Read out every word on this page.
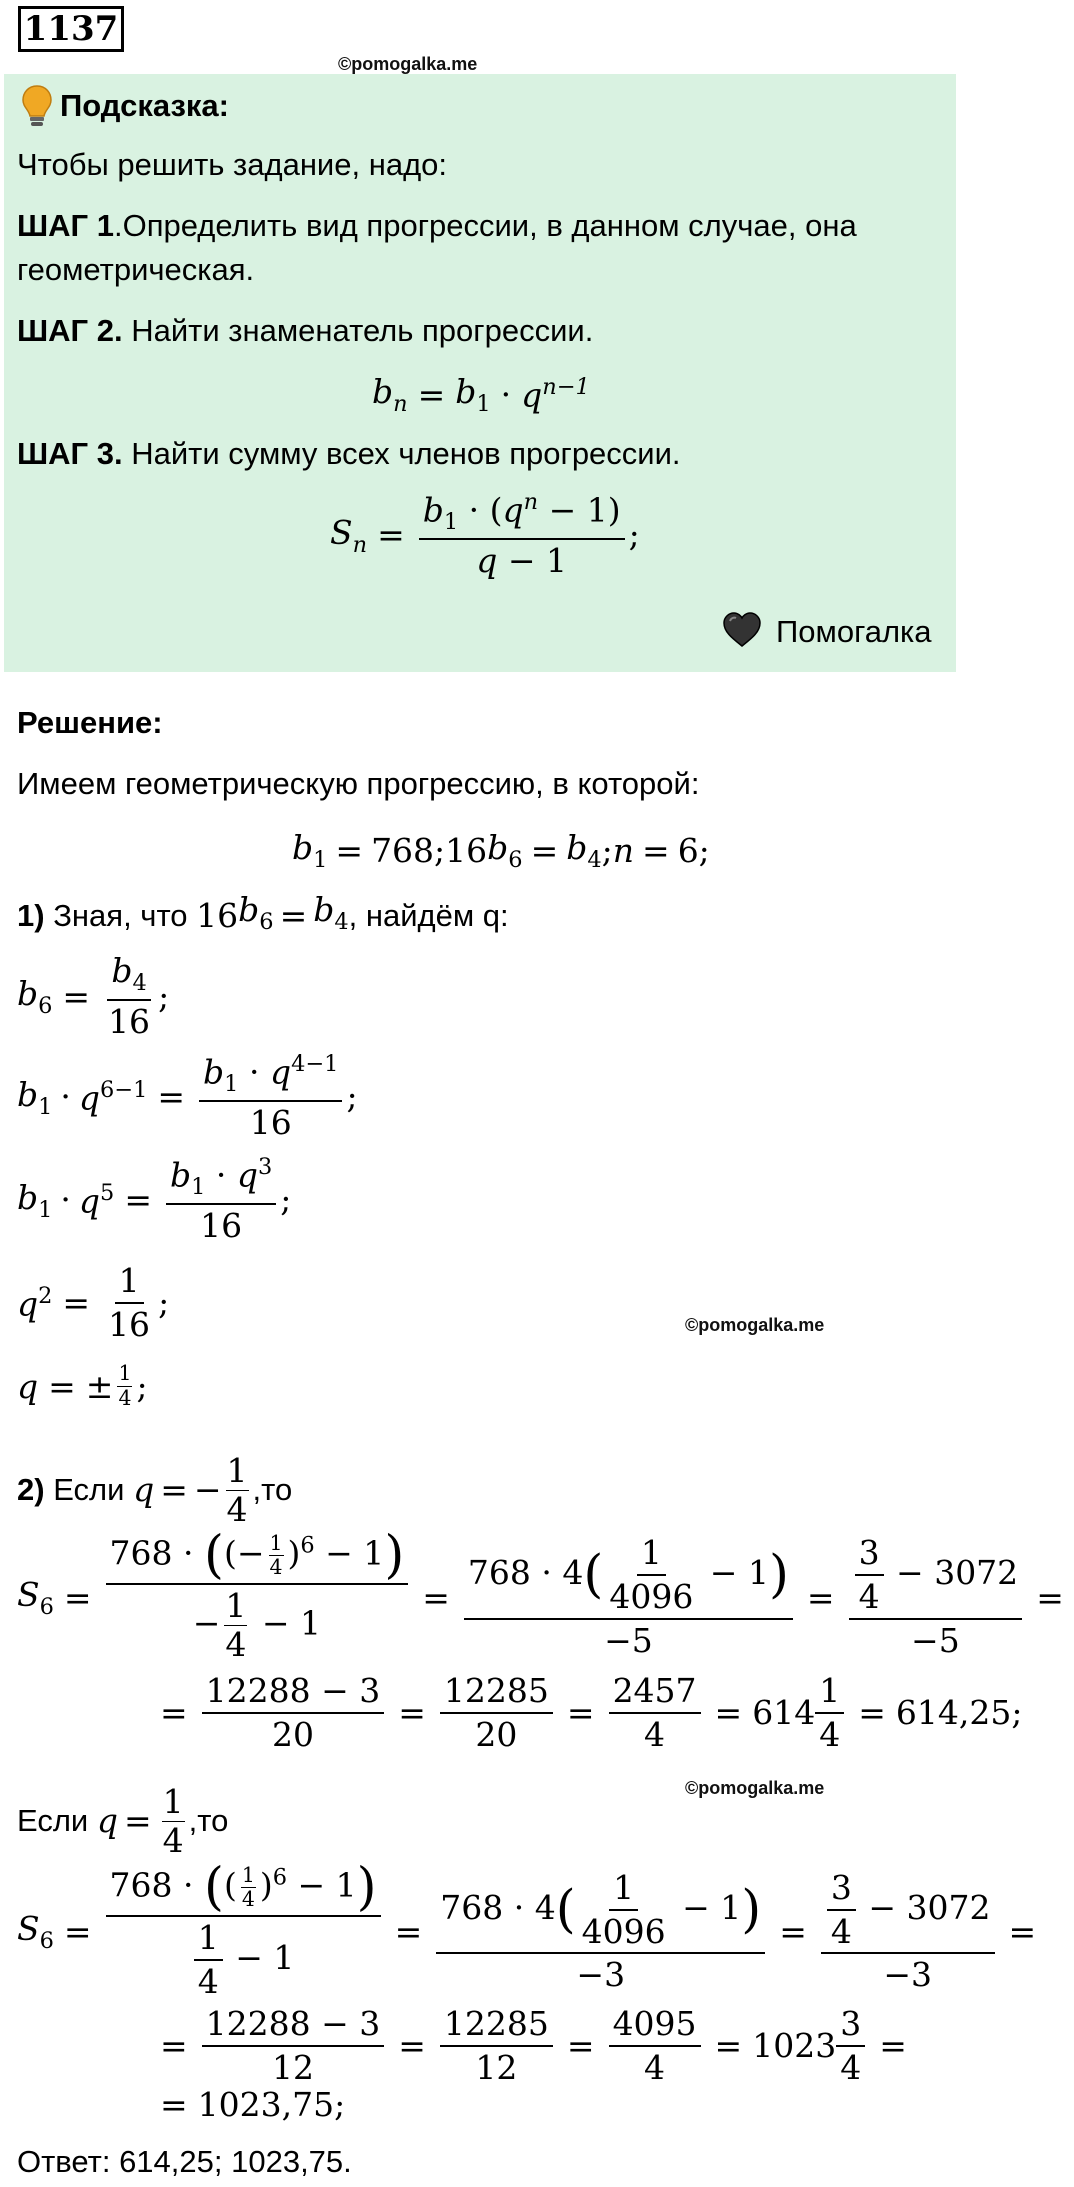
1137
©pomogalka.me
Подсказка:
Чтобы решить задание, надо:
ШАГ 1 .Определить вид прогрессии, в данном случае, она
геометрическая.
ШАГ 2. Найти знаменатель прогрессии.
$b_n = b_1 \cdot q^{n-1}$
ШАГ 3. Найти сумму всех членов прогрессии.
$S_n = \frac{b_1 \cdot (q^n - 1)}{q - 1}$ ;
Помогалка
Решение:
Имеем геометрическую прогрессию, в которой:
$b_1$ = 768;16 $b_6 = b_4$ ; n = 6;
1)
Зная, что
16 $b_6 = b_4$ , найдём q:
$b_6 = \frac{b_4}{16}$ ;
$b_1 \cdot q^{6-1} = \frac{b_1 \cdot q^{4-1}}{16}$ ;
$b_1 \cdot q^5 = \frac{b_1 \cdot q^3}{16}$ ;
$q^2 = \frac{1}{16}$ ;
©pomogalka.me
q = ± $\frac{1}{4}$ ;
2)
Если
q = − $\frac{1}{4} ,то$
$S_6 = \frac{768 \cdot ((- \frac{1}{4} )^6 - 1)}{- \frac{1}{4} - 1} = \frac{768 \cdot 4( \frac{1}{4096} - 1)}{-5} = \frac{\frac{3}{4} - 3072}{-5}$ =
= $\frac{12288 - 3}{20} = \frac{12285}{20} = \frac{2457}{4} = 614 \frac{1}{4} = 614,25$;
Если
$q = \frac{1}{4} ,то$
©pomogalka.me
$S_6 = \frac{768 \cdot (( \frac{1}{4} )^6 - 1)}{\frac{1}{4} - 1} = \frac{768 \cdot 4( \frac{1}{4096} - 1)}{-3} = \frac{\frac{3}{4} - 3072}{-3}$ =
= $\frac{12288 - 3}{12} = \frac{12285}{12} = \frac{4095}{4} = 1023 \frac{3}{4}$ =
= 1023,75;
Ответ: 614,25; 1023,75.
